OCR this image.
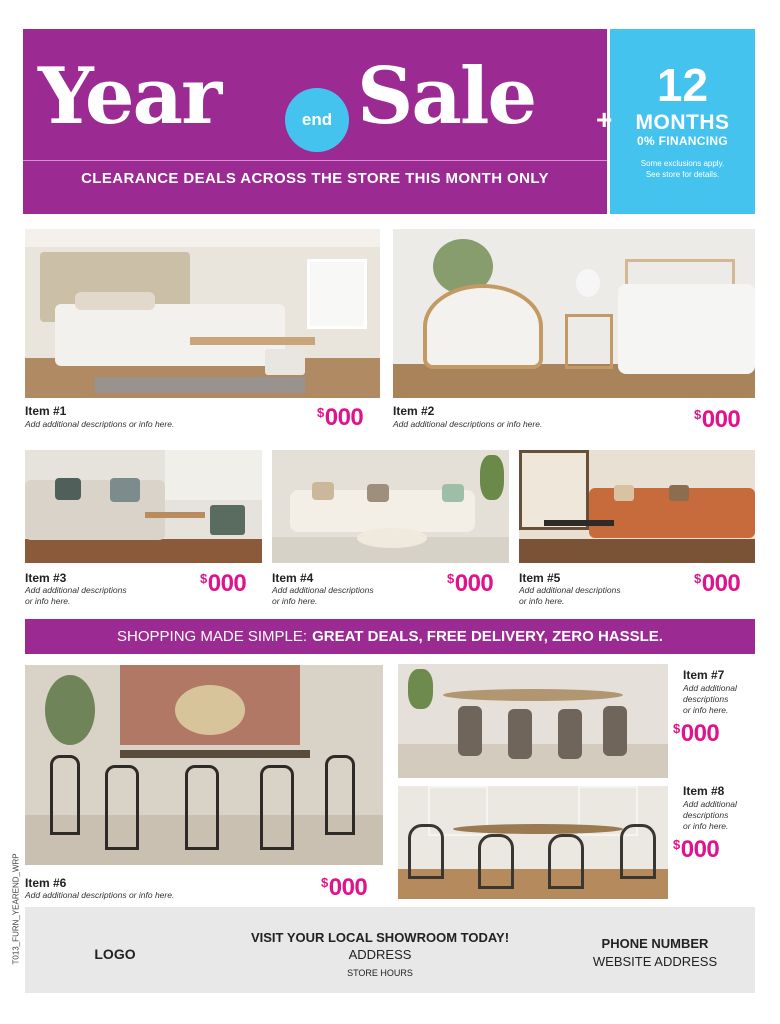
Year	end Sale
CLEARANCE DEALS ACROSS THE STORE THIS MONTH ONLY
+
12
MONTHS
0% FINANCING
Some exclusions apply.
See store for details.
Item #1
Add additional descriptions or info here.
$000 Item #2
Add additional descriptions or info here.
$000
Item #3
Add additional descriptions
or info here.
$000 Item #4
Add additional descriptions
or info here.
$000 Item #5
Add additional descriptions
or info here.
$000
SHOPPING MADE SIMPLE: GREAT DEALS, FREE DELIVERY, ZERO HASSLE.
Item #6
Add additional descriptions or info here.
$000
Item #7
Add additional
descriptions
or info here.
$000
Item #8
Add additional
descriptions
or info here.
$000
LOGO
VISIT YOUR LOCAL SHOWROOM TODAY!
ADDRESS
STORE HOURS
PHONE NUMBER
WEBSITE ADDRESS
T013_FURN_YEAREND_WRP
